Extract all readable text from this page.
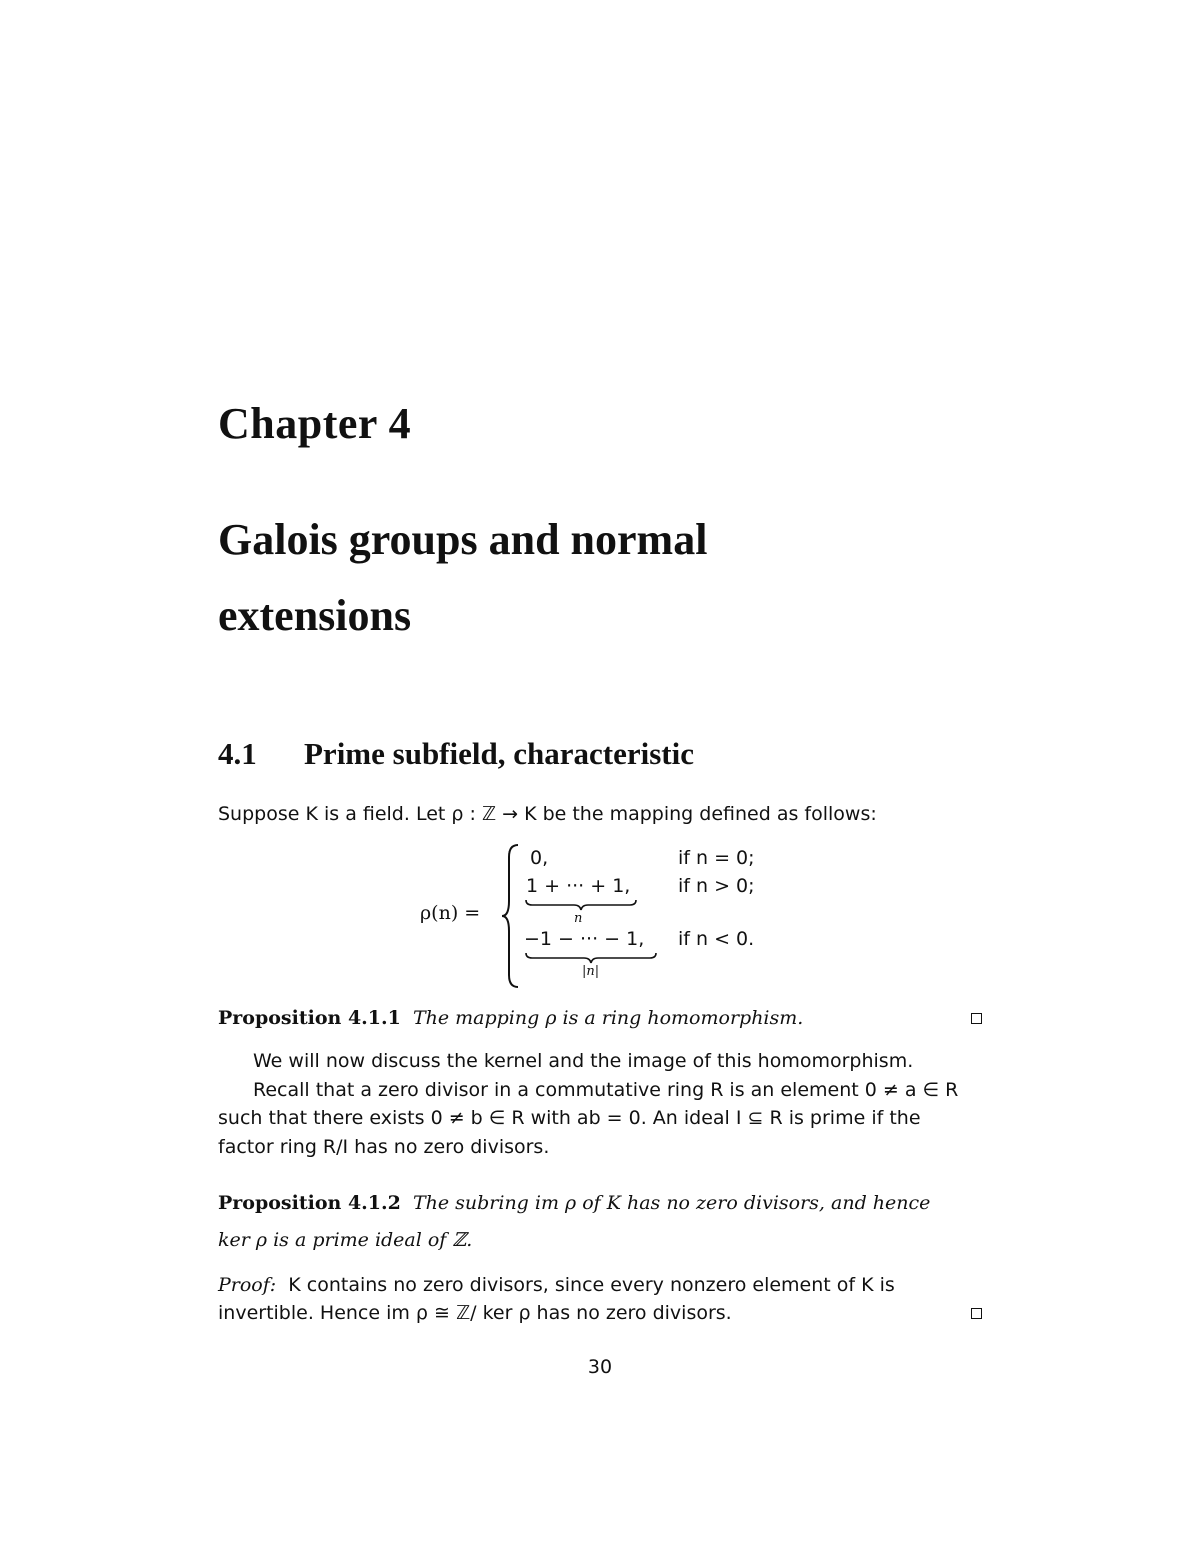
Chapter 4
Galois groups and normal
extensions
4.1 Prime subfield, characteristic
Suppose K is a field. Let ρ : ℤ → K be the mapping defined as follows:
ρ(n) =
0,	if n = 0;
1 + ··· + 1,
n
if n > 0;
−1 − ··· − 1,
|n|
if n < 0.
Proposition 4.1.1 The mapping ρ is a ring homomorphism.
We will now discuss the kernel and the image of this homomorphism.
Recall that a zero divisor in a commutative ring R is an element 0 ≠ a ∈ R
such that there exists 0 ≠ b ∈ R with ab = 0. An ideal I ⊆ R is prime if the
factor ring R/I has no zero divisors.
Proposition 4.1.2 The subring im ρ of K has no zero divisors, and hence
ker ρ is a prime ideal of ℤ.
Proof: K contains no zero divisors, since every nonzero element of K is
invertible. Hence im ρ ≅ ℤ/ ker ρ has no zero divisors.
30
